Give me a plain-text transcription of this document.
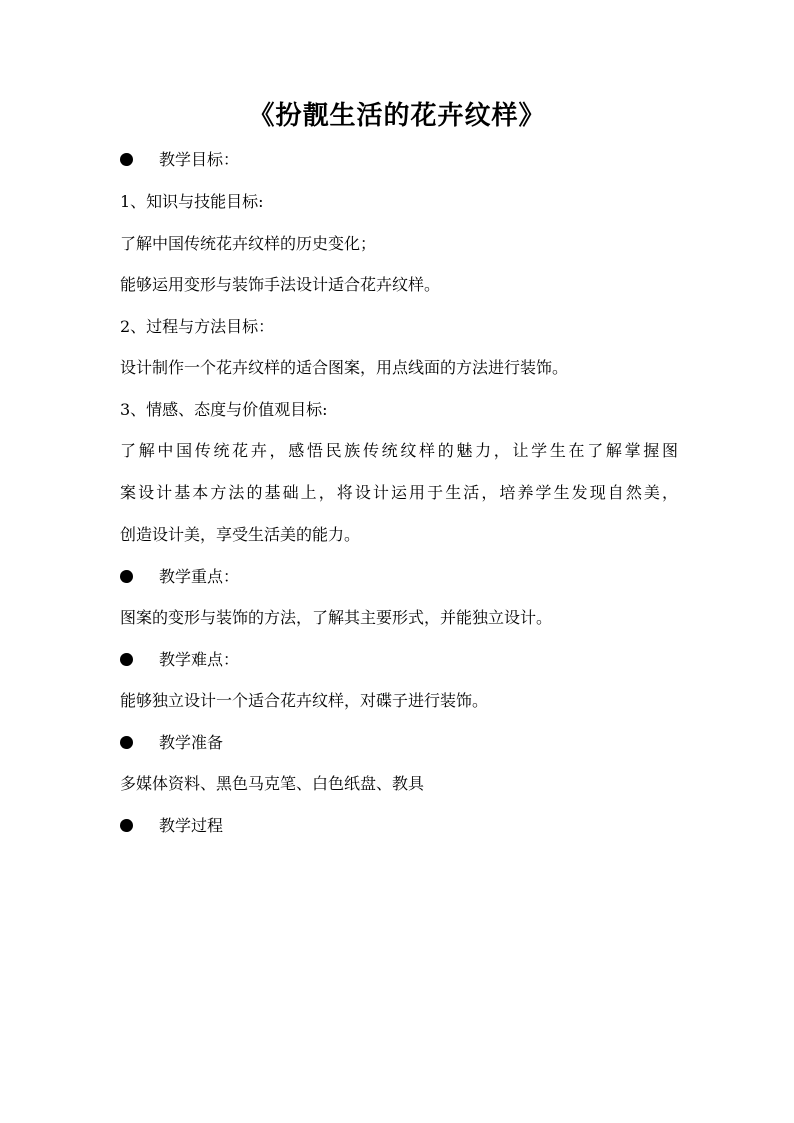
《扮靓生活的花卉纹样》
教学目标：
1、知识与技能目标:
了解中国传统花卉纹样的历史变化；
能够运用变形与装饰手法设计适合花卉纹样。
2、过程与方法目标：
设计制作一个花卉纹样的适合图案，用点线面的方法进行装饰。
3、情感、态度与价值观目标:
了解中国传统花卉，感悟民族传统纹样的魅力，让学生在了解掌握图
案设计基本方法的基础上，将设计运用于生活，培养学生发现自然美，
创造设计美，享受生活美的能力。
教学重点：
图案的变形与装饰的方法，了解其主要形式，并能独立设计。
教学难点：
能够独立设计一个适合花卉纹样，对碟子进行装饰。
教学准备
多媒体资料、黑色马克笔、白色纸盘、教具
教学过程
